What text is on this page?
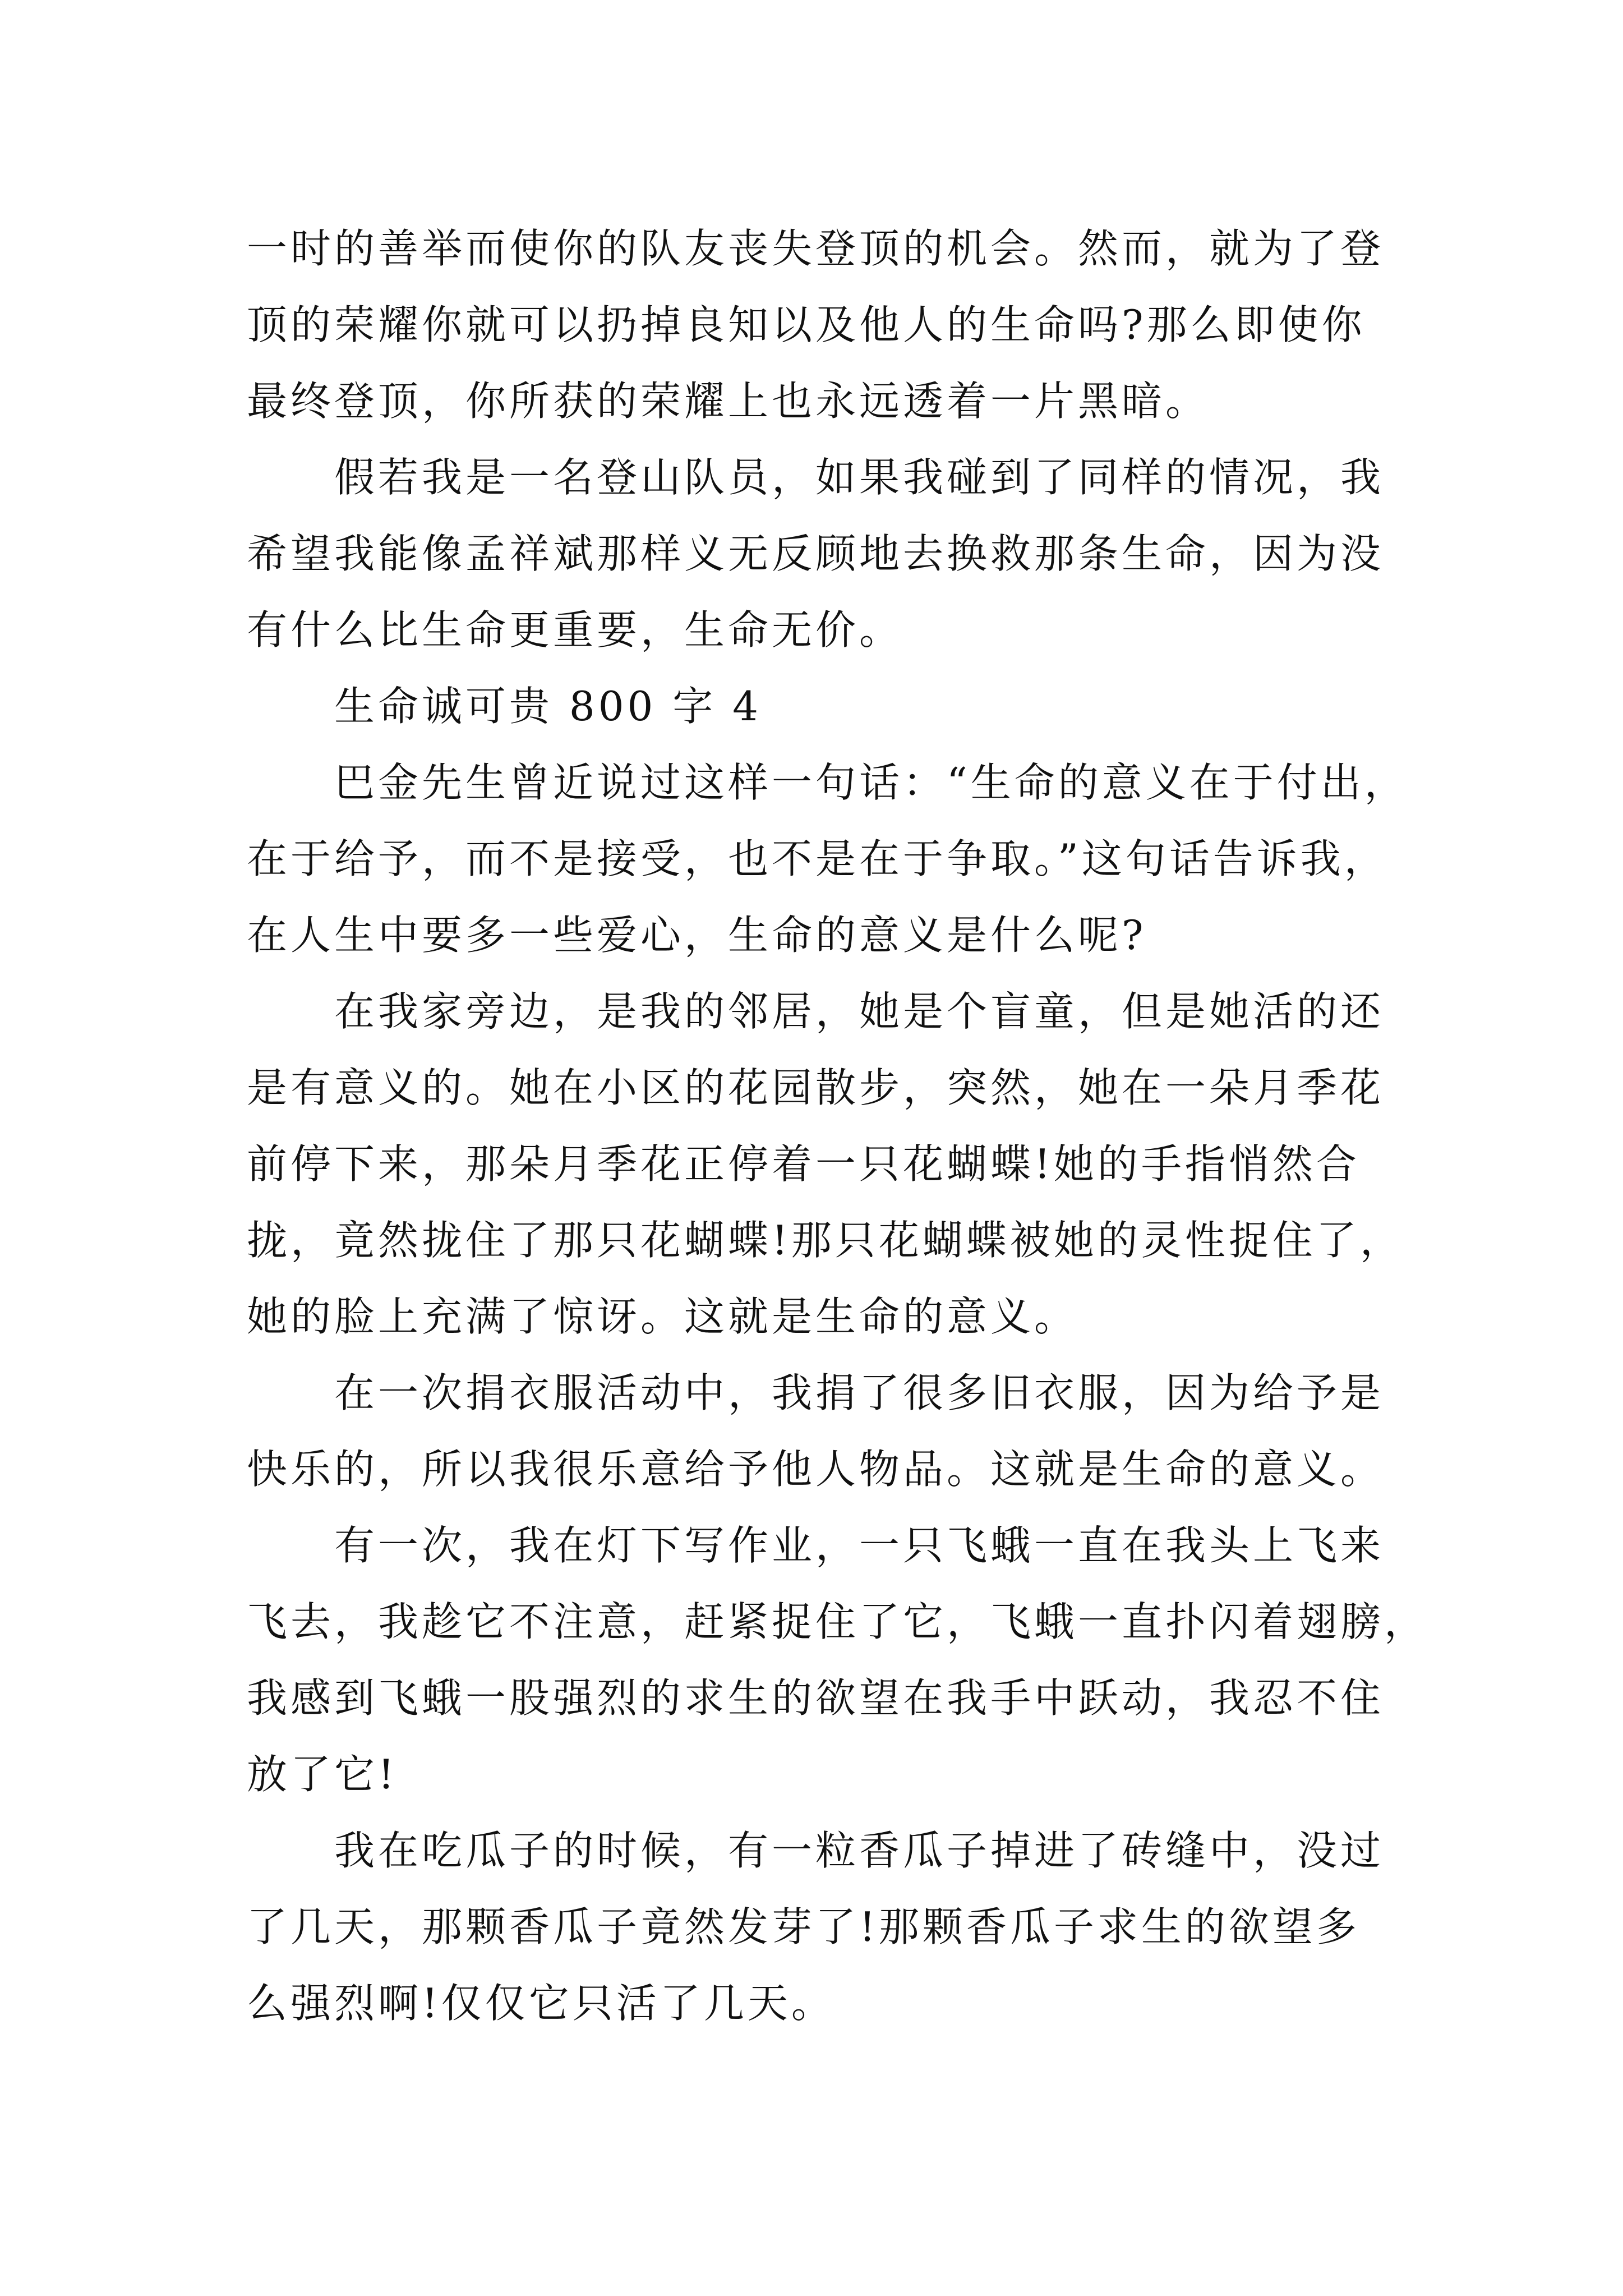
一时的善举而使你的队友丧失登顶的机会。然而，就为了登
顶的荣耀你就可以扔掉良知以及他人的生命吗?那么即使你
最终登顶，你所获的荣耀上也永远透着一片黑暗。
假若我是一名登山队员，如果我碰到了同样的情况，我
希望我能像孟祥斌那样义无反顾地去换救那条生命，因为没
有什么比生命更重要，生命无价。
生命诚可贵 800 字 4
巴金先生曾近说过这样一句话：“生命的意义在于付出，
在于给予，而不是接受，也不是在于争取。”这句话告诉我，
在人生中要多一些爱心，生命的意义是什么呢?
在我家旁边，是我的邻居，她是个盲童，但是她活的还
是有意义的。她在小区的花园散步，突然，她在一朵月季花
前停下来，那朵月季花正停着一只花蝴蝶!她的手指悄然合
拢，竟然拢住了那只花蝴蝶!那只花蝴蝶被她的灵性捉住了，
她的脸上充满了惊讶。这就是生命的意义。
在一次捐衣服活动中，我捐了很多旧衣服，因为给予是
快乐的，所以我很乐意给予他人物品。这就是生命的意义。
有一次，我在灯下写作业，一只飞蛾一直在我头上飞来
飞去，我趁它不注意，赶紧捉住了它，飞蛾一直扑闪着翅膀，
我感到飞蛾一股强烈的求生的欲望在我手中跃动，我忍不住
放了它!
我在吃瓜子的时候，有一粒香瓜子掉进了砖缝中，没过
了几天，那颗香瓜子竟然发芽了!那颗香瓜子求生的欲望多
么强烈啊!仅仅它只活了几天。
